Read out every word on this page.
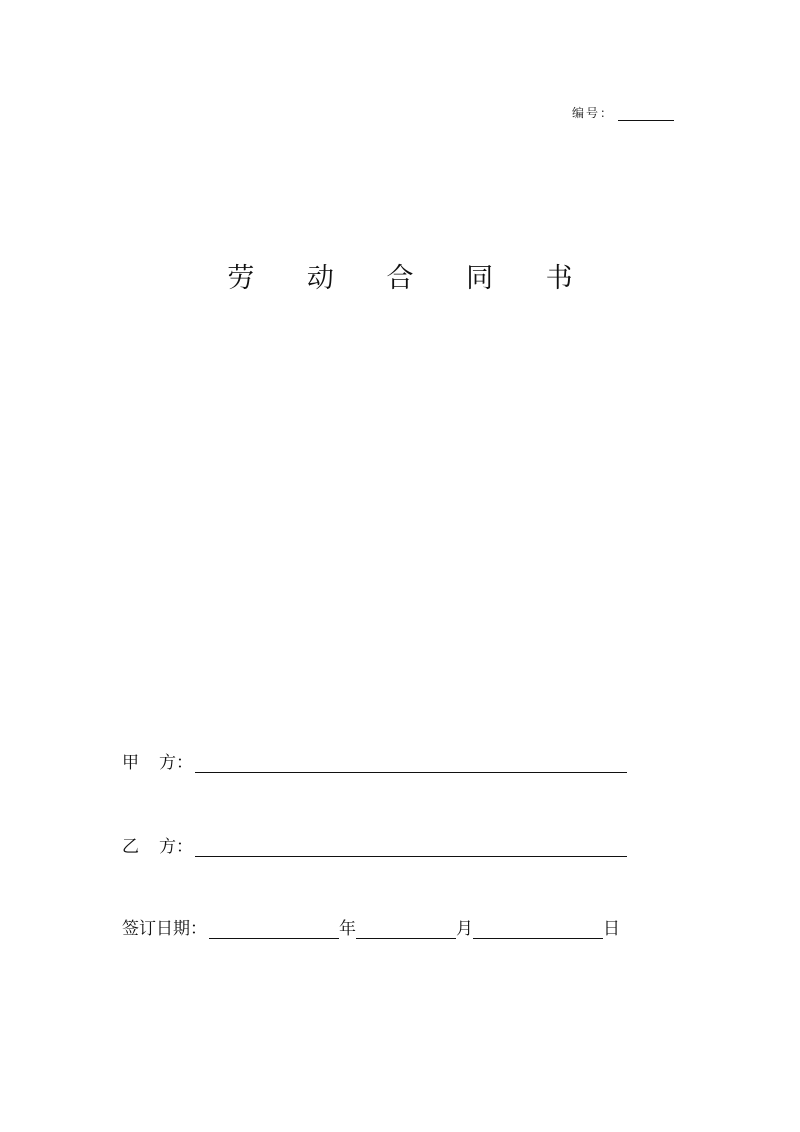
编号：
劳 动 合 同 书
甲 方：
乙 方：
签订日期：	年	月	日
